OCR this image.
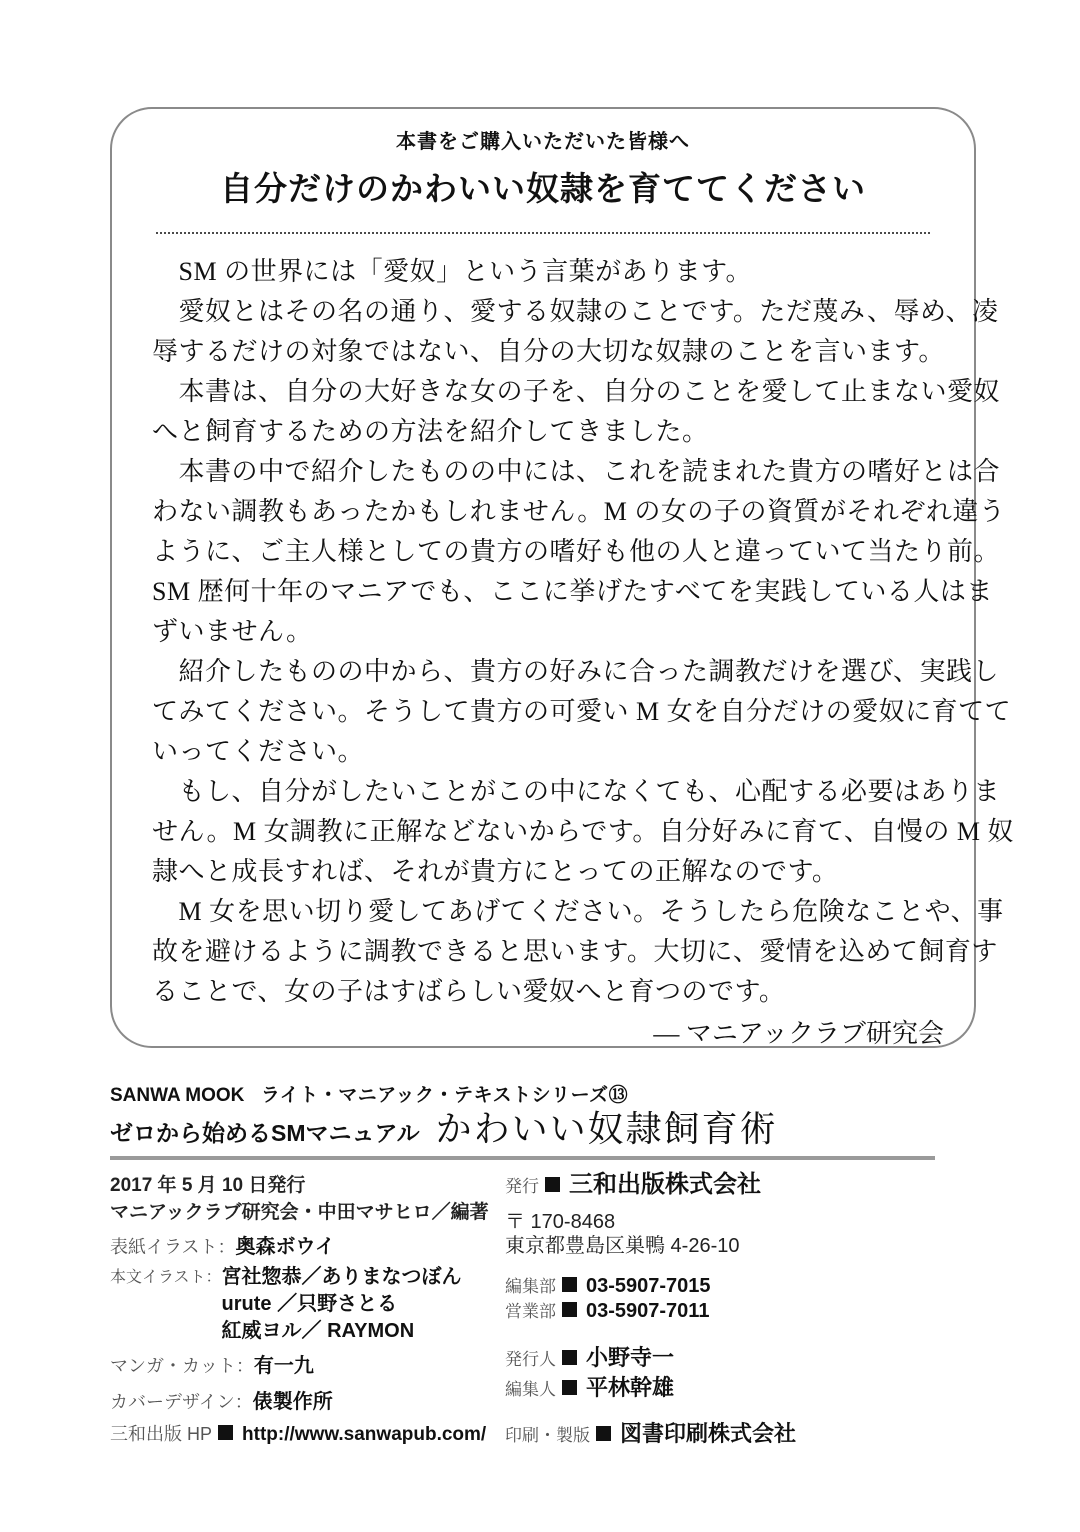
本書をご購入いただいた皆様へ
自分だけのかわいい奴隷を育ててください
　SM の世界には「愛奴」という言葉があります。
　愛奴とはその名の通り、愛する奴隷のことです。ただ蔑み、辱め、凌
辱するだけの対象ではない、自分の大切な奴隷のことを言います。
　本書は、自分の大好きな女の子を、自分のことを愛して止まない愛奴
へと飼育するための方法を紹介してきました。
　本書の中で紹介したものの中には、これを読まれた貴方の嗜好とは合
わない調教もあったかもしれません。M の女の子の資質がそれぞれ違う
ように、ご主人様としての貴方の嗜好も他の人と違っていて当たり前。
SM 歴何十年のマニアでも、ここに挙げたすべてを実践している人はま
ずいません。
　紹介したものの中から、貴方の好みに合った調教だけを選び、実践し
てみてください。そうして貴方の可愛い M 女を自分だけの愛奴に育てて
いってください。
　もし、自分がしたいことがこの中になくても、心配する必要はありま
せん。M 女調教に正解などないからです。自分好みに育て、自慢の M 奴
隷へと成長すれば、それが貴方にとっての正解なのです。
　M 女を思い切り愛してあげてください。そうしたら危険なことや、事
故を避けるように調教できると思います。大切に、愛情を込めて飼育す
ることで、女の子はすばらしい愛奴へと育つのです。
― マニアックラブ研究会
SANWA MOOK ライト・マニアック・テキストシリーズ⑬
ゼロから始めるSMマニュアル かわいい奴隷飼育術
2017 年 5 月 10 日発行
マニアックラブ研究会・中田マサヒロ／編著
表紙イラスト：奥森ボウイ
本文イラスト： 宮社惣恭／ありまなつぼん
urute ／只野さとる
紅威ヨル／ RAYMON
マンガ・カット：有一九
カバーデザイン：俵製作所
三和出版 HP http://www.sanwapub.com/
発行 三和出版株式会社
〒 170-8468
東京都豊島区巣鴨 4-26-10
編集部 03-5907-7015
営業部 03-5907-7011
発行人 小野寺一
編集人 平林幹雄
印刷・製版 図書印刷株式会社
